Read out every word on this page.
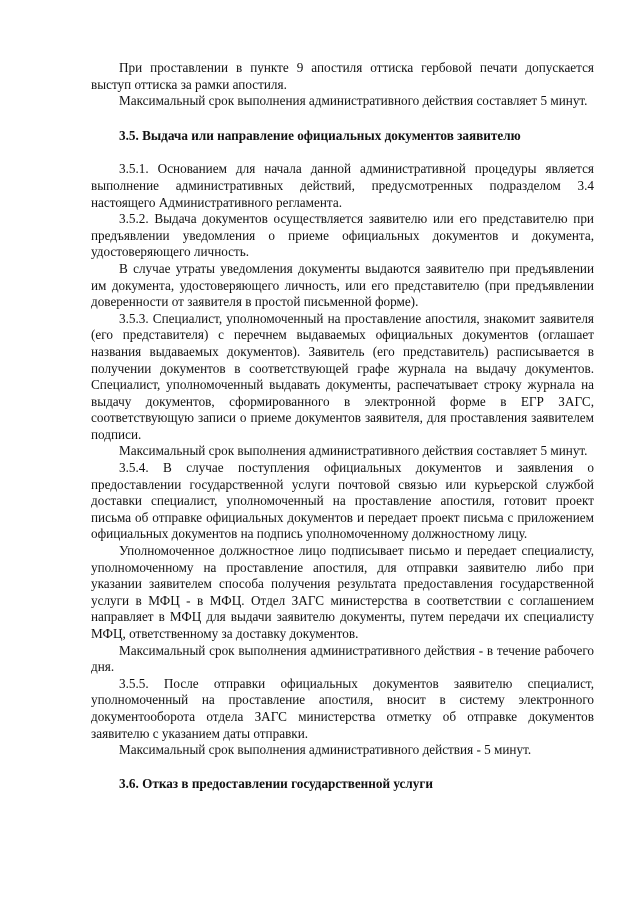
При проставлении в пункте 9 апостиля оттиска гербовой печати допускается выступ оттиска за рамки апостиля.

Максимальный срок выполнения административного действия составляет 5 минут.

3.5. Выдача или направление официальных документов заявителю

3.5.1. Основанием для начала данной административной процедуры является выполнение административных действий, предусмотренных подразделом 3.4 настоящего Административного регламента.

3.5.2. Выдача документов осуществляется заявителю или его представителю при предъявлении уведомления о приеме официальных документов и документа, удостоверяющего личность.

В случае утраты уведомления документы выдаются заявителю при предъявлении им документа, удостоверяющего личность, или его представителю (при предъявлении доверенности от заявителя в простой письменной форме).

3.5.3. Специалист, уполномоченный на проставление апостиля, знакомит заявителя (его представителя) с перечнем выдаваемых официальных документов (оглашает названия выдаваемых документов). Заявитель (его представитель) расписывается в получении документов в соответствующей графе журнала на выдачу документов. Специалист, уполномоченный выдавать документы, распечатывает строку журнала на выдачу документов, сформированного в электронной форме в ЕГР ЗАГС, соответствующую записи о приеме документов заявителя, для проставления заявителем подписи.

Максимальный срок выполнения административного действия составляет 5 минут.

3.5.4. В случае поступления официальных документов и заявления о предоставлении государственной услуги почтовой связью или курьерской службой доставки специалист, уполномоченный на проставление апостиля, готовит проект письма об отправке официальных документов и передает проект письма с приложением официальных документов на подпись уполномоченному должностному лицу.

Уполномоченное должностное лицо подписывает письмо и передает специалисту, уполномоченному на проставление апостиля, для отправки заявителю либо при указании заявителем способа получения результата предоставления государственной услуги в МФЦ - в МФЦ. Отдел ЗАГС министерства в соответствии с соглашением направляет в МФЦ для выдачи заявителю документы, путем передачи их специалисту МФЦ, ответственному за доставку документов.

Максимальный срок выполнения административного действия - в течение рабочего дня.

3.5.5. После отправки официальных документов заявителю специалист, уполномоченный на проставление апостиля, вносит в систему электронного документооборота отдела ЗАГС министерства отметку об отправке документов заявителю с указанием даты отправки.

Максимальный срок выполнения административного действия - 5 минут.

3.6. Отказ в предоставлении государственной услуги
